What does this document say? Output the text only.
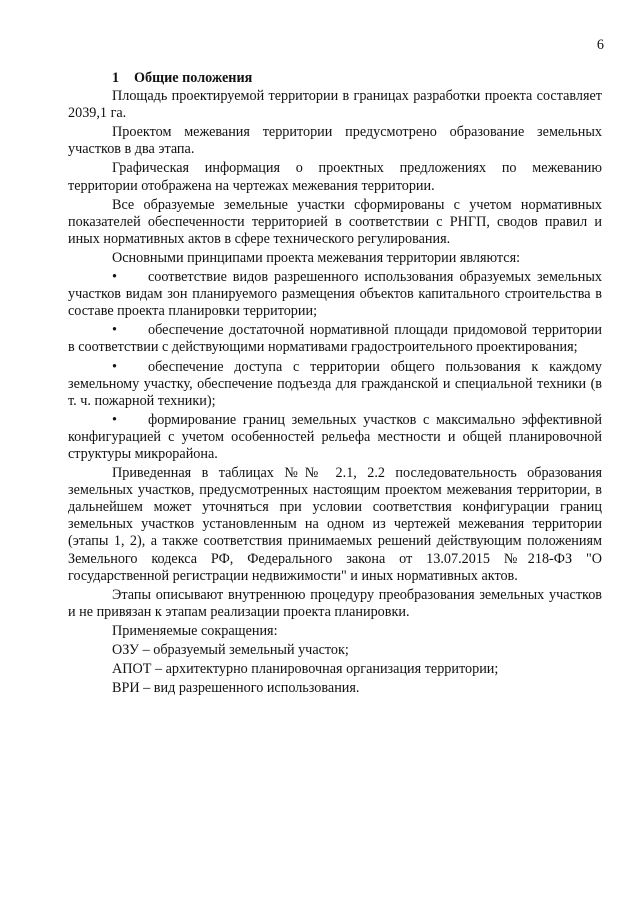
6
1 Общие положения

Площадь проектируемой территории в границах разработки проекта составляет 2039,1 га.

Проектом межевания территории предусмотрено образование земельных участков в два этапа.

Графическая информация о проектных предложениях по межеванию территории отображена на чертежах межевания территории.

Все образуемые земельные участки сформированы с учетом нормативных показателей обеспеченности территорией в соответствии с РНГП, сводов правил и иных нормативных актов в сфере технического регулирования.

Основными принципами проекта межевания территории являются:

• соответствие видов разрешенного использования образуемых земельных участков видам зон планируемого размещения объектов капитального строительства в составе проекта планировки территории;
• обеспечение достаточной нормативной площади придомовой территории в соответствии с действующими нормативами градостроительного проектирования;
• обеспечение доступа с территории общего пользования к каждому земельному участку, обеспечение подъезда для гражданской и специальной техники (в т. ч. пожарной техники);
• формирование границ земельных участков с максимально эффективной конфигурацией с учетом особенностей рельефа местности и общей планировочной структуры микрорайона.

Приведенная в таблицах №№ 2.1, 2.2 последовательность образования земельных участков, предусмотренных настоящим проектом межевания территории, в дальнейшем может уточняться при условии соответствия конфигурации границ земельных участков установленным на одном из чертежей межевания территории (этапы 1, 2), а также соответствия принимаемых решений действующим положениям Земельного кодекса РФ, Федерального закона от 13.07.2015 №218-ФЗ "О государственной регистрации недвижимости" и иных нормативных актов.

Этапы описывают внутреннюю процедуру преобразования земельных участков и не привязан к этапам реализации проекта планировки.

Применяемые сокращения:

ОЗУ – образуемый земельный участок;
АПОТ – архитектурно планировочная организация территории;
ВРИ – вид разрешенного использования.
